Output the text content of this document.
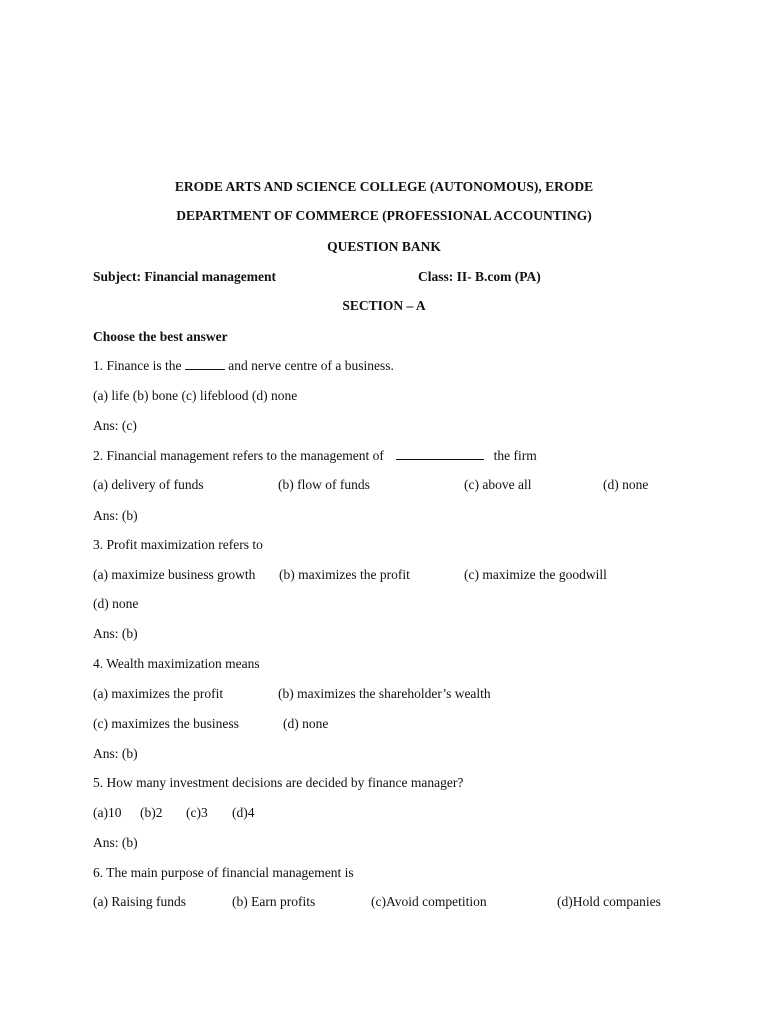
ERODE ARTS AND SCIENCE COLLEGE (AUTONOMOUS), ERODE
DEPARTMENT OF COMMERCE (PROFESSIONAL ACCOUNTING)
QUESTION BANK
Subject: Financial management	Class: II- B.com (PA)
SECTION – A
Choose the best answer
1. Finance is the	and nerve centre of a business.
(a) life (b) bone (c) lifeblood (d) none
Ans: (c)
2. Financial management refers to the management of	the firm
(a) delivery of funds	(b) flow of funds	(c) above all	(d) none
Ans: (b)
3. Profit maximization refers to
(a) maximize business growth (b) maximizes the profit	(c) maximize the goodwill
(d) none
Ans: (b)
4. Wealth maximization means
(a) maximizes the profit	(b) maximizes the shareholder’s wealth
(c) maximizes the business	(d) none
Ans: (b)
5. How many investment decisions are decided by finance manager?
(a)10 (b)2 (c)3 (d)4
Ans: (b)
6. The main purpose of financial management is
(a) Raising funds	(b) Earn profits	(c)Avoid competition	(d)Hold companies
